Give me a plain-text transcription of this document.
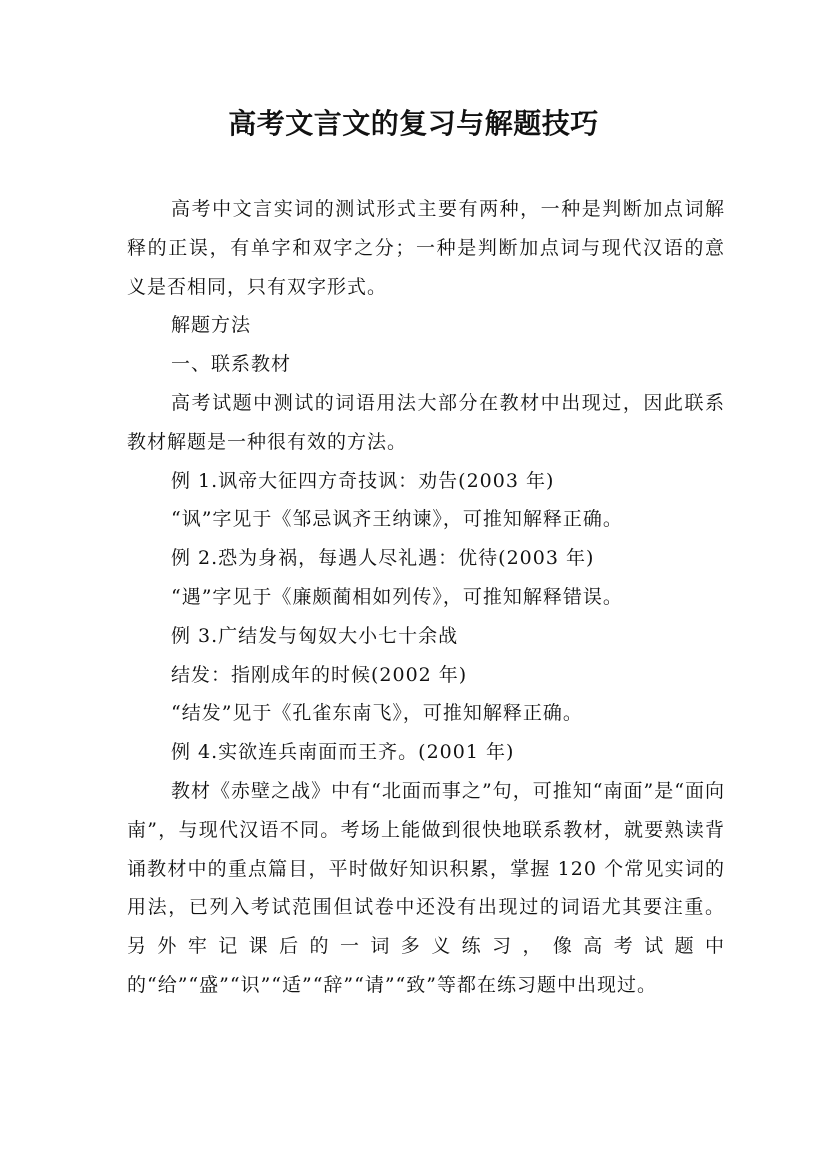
高考文言文的复习与解题技巧

高考中文言实词的测试形式主要有两种，一种是判断加点词解释的正误，有单字和双字之分；一种是判断加点词与现代汉语的意义是否相同，只有双字形式。

解题方法

一、联系教材

高考试题中测试的词语用法大部分在教材中出现过，因此联系教材解题是一种很有效的方法。

例 1.讽帝大征四方奇技讽：劝告(2003 年)

“讽”字见于《邹忌讽齐王纳谏》，可推知解释正确。

例 2.恐为身祸，每遇人尽礼遇：优待(2003 年)

“遇”字见于《廉颇蔺相如列传》，可推知解释错误。

例 3.广结发与匈奴大小七十余战

结发：指刚成年的时候(2002 年)

“结发”见于《孔雀东南飞》，可推知解释正确。

例 4.实欲连兵南面而王齐。(2001 年)

教材《赤壁之战》中有“北面而事之”句，可推知“南面”是“面向南”，与现代汉语不同。考场上能做到很快地联系教材，就要熟读背诵教材中的重点篇目，平时做好知识积累，掌握 120 个常见实词的用法，已列入考试范围但试卷中还没有出现过的词语尤其要注重。另外牢记课后的一词多义练习，像高考试题中的“给”“盛”“识”“适”“辞”“请”“致”等都在练习题中出现过。
